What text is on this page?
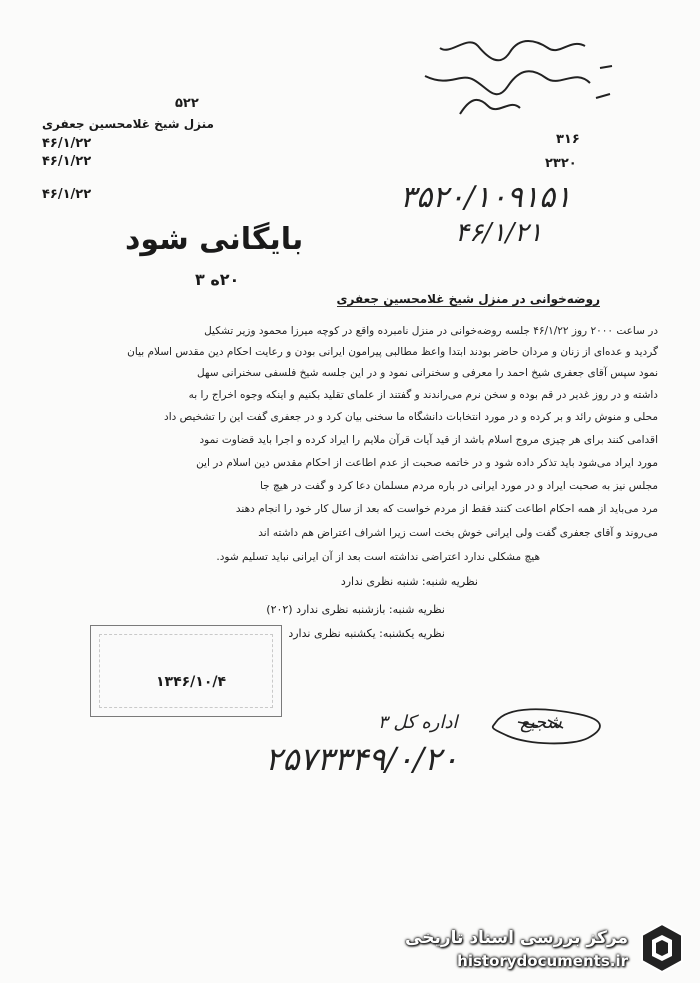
۵۲۲
منزل شیخ‌ غلامحسین جعفری
۴۶/۱/۲۲
۴۶/۱/۲۲
۴۶/۱/۲۲
۳۱۶
۲۳۲۰
۳۵۲۰/۱۰۹۱۵۱
۴۶/۱/۲۱
بایگانی شود
۲۰ه ۳
روضه‌خوانی در منزل شیخ غلامحسین جعفری
در ساعت ۲۰۰۰ روز ۴۶/۱/۲۲ جلسه روضه‌خوانی در منزل نامبرده واقع در کوچه میرزا محمود وزیر تشکیل
گردید و عده‌ای از زنان و مردان حاضر بودند ابتدا واعظ مطالبی پیرامون ایرانی بودن و رعایت احکام دین مقدس اسلام بیان
نمود سپس آقای جعفری شیخ احمد را معرفی و سخنرانی نمود و در این جلسه شیخ فلسفی سخنرانی سهل
داشته و در روز غدیر در قم بوده و سخن نرم می‌راندند و گفتند از علمای تقلید بکنیم و اینکه وجوه اخراج را به
محلی و منوش رائد و بر کرده و در مورد انتخابات دانشگاه ما سخنی بیان کرد و در جعفری گفت این را تشخیص داد
اقدامی کنند برای هر چیزی مروج اسلام باشد از قید آیات قرآن ملایم را ایراد کرده و اجرا باید قضاوت نمود
مورد ایراد می‌شود باید تذکر داده شود و در خاتمه صحبت از عدم اطاعت از احکام مقدس دین اسلام در این
مجلس نیز به صحبت ایراد و در مورد ایرانی در باره مردم مسلمان دعا کرد و گفت در هیچ جا
مرد می‌باید از همه احکام اطاعت کنند فقط از مردم خواست که بعد از سال کار خود را انجام دهند
می‌روند و آقای جعفری گفت ولی ایرانی خوش بخت است زیرا اشراف اعتراض هم داشته اند
هیچ مشکلی ندارد اعتراضی نداشته است بعد از آن ایرانی نباید تسلیم شود.
نظریه شنبه: شنبه نظری ندارد
نظریه شنبه: بازشنبه نظری ندارد (۲۰۲)
نظریه یکشنبه: یکشنبه نظری ندارد
۱۳۴۶/۱۰/۴
شجیع
اداره کل ۳
۲۵۷۳۳۴۹/۰/۲۰
مرکز بررسی اسناد تاریخی
historydocuments.ir
